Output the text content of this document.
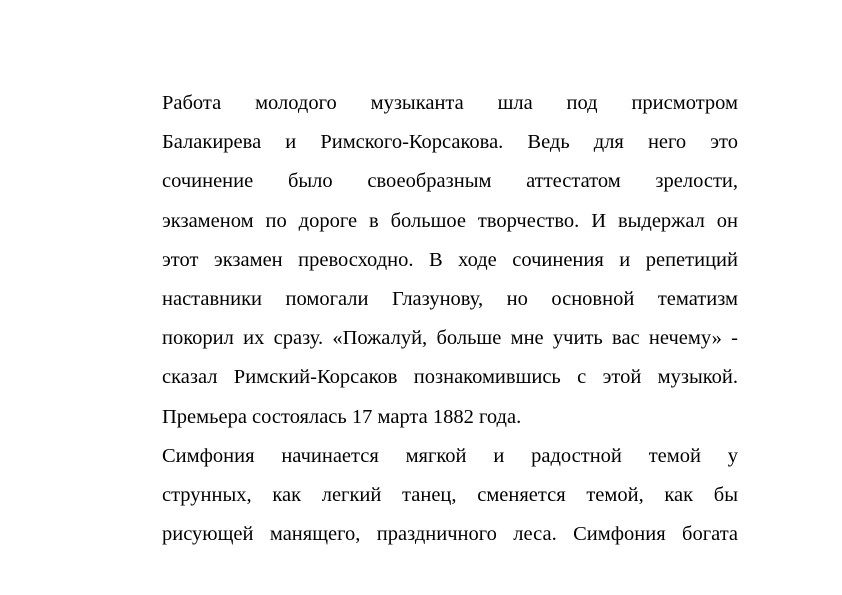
Работа молодого музыканта шла под присмотром
Балакирева и Римского-Корсакова. Ведь для него это
сочинение было своеобразным аттестатом зрелости,
экзаменом по дороге в большое творчество. И выдержал он
этот экзамен превосходно. В ходе сочинения и репетиций
наставники помогали Глазунову, но основной тематизм
покорил их сразу. «Пожалуй, больше мне учить вас нечему» -
сказал Римский-Корсаков познакомившись с этой музыкой.
Премьера состоялась 17 марта 1882 года.
Симфония начинается мягкой и радостной темой у
струнных, как легкий танец, сменяется темой, как бы
рисующей манящего, праздничного леса. Симфония богата
